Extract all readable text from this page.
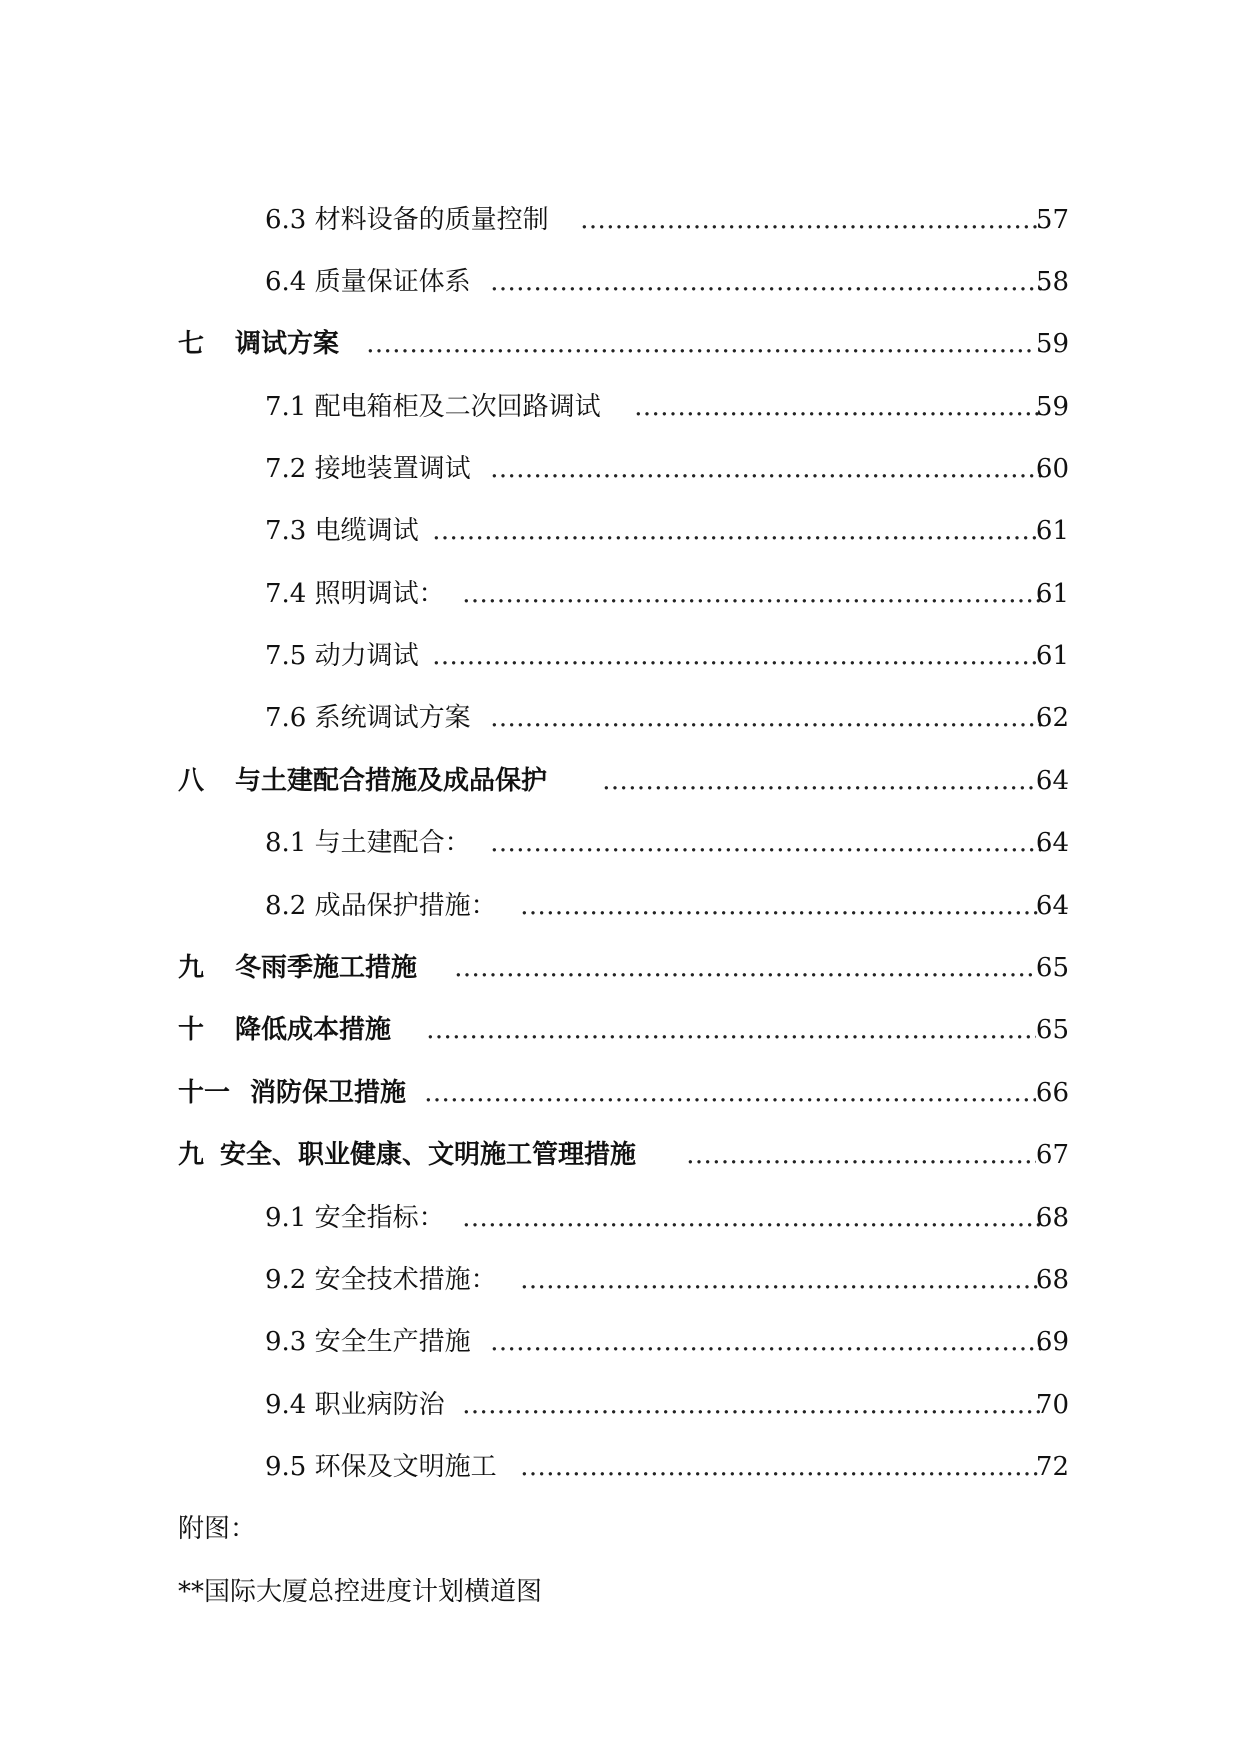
6.3 材料设备的质量控制 ………………………………………………………………………………………………………………………………………………………………………………………………	57
6.4 质量保证体系 ………………………………………………………………………………………………………………………………………………………………………………………………	58
七 调试方案 ………………………………………………………………………………………………………………………………………………………………………………………………	59
7.1 配电箱柜及二次回路调试 ………………………………………………………………………………………………………………………………………………………………………………………………	59
7.2 接地装置调试 ………………………………………………………………………………………………………………………………………………………………………………………………	60
7.3 电缆调试 ………………………………………………………………………………………………………………………………………………………………………………………………	61
7.4 照明调试： ………………………………………………………………………………………………………………………………………………………………………………………………	61
7.5 动力调试 ………………………………………………………………………………………………………………………………………………………………………………………………	61
7.6 系统调试方案 ………………………………………………………………………………………………………………………………………………………………………………………………	62
八 与土建配合措施及成品保护 ………………………………………………………………………………………………………………………………………………………………………………………………	64
8.1 与土建配合： ………………………………………………………………………………………………………………………………………………………………………………………………	64
8.2 成品保护措施： ………………………………………………………………………………………………………………………………………………………………………………………………	64
九 冬雨季施工措施 ………………………………………………………………………………………………………………………………………………………………………………………………	65
十 降低成本措施 ………………………………………………………………………………………………………………………………………………………………………………………………	65
十一 消防保卫措施 ………………………………………………………………………………………………………………………………………………………………………………………………	66
九 安全、职业健康、文明施工管理措施 ………………………………………………………………………………………………………………………………………………………………………………………………	67
9.1 安全指标： ………………………………………………………………………………………………………………………………………………………………………………………………	68
9.2 安全技术措施： ………………………………………………………………………………………………………………………………………………………………………………………………	68
9.3 安全生产措施 ………………………………………………………………………………………………………………………………………………………………………………………………	69
9.4 职业病防治 ………………………………………………………………………………………………………………………………………………………………………………………………	70
9.5 环保及文明施工 ………………………………………………………………………………………………………………………………………………………………………………………………	72
附图：
**国际大厦总控进度计划横道图
